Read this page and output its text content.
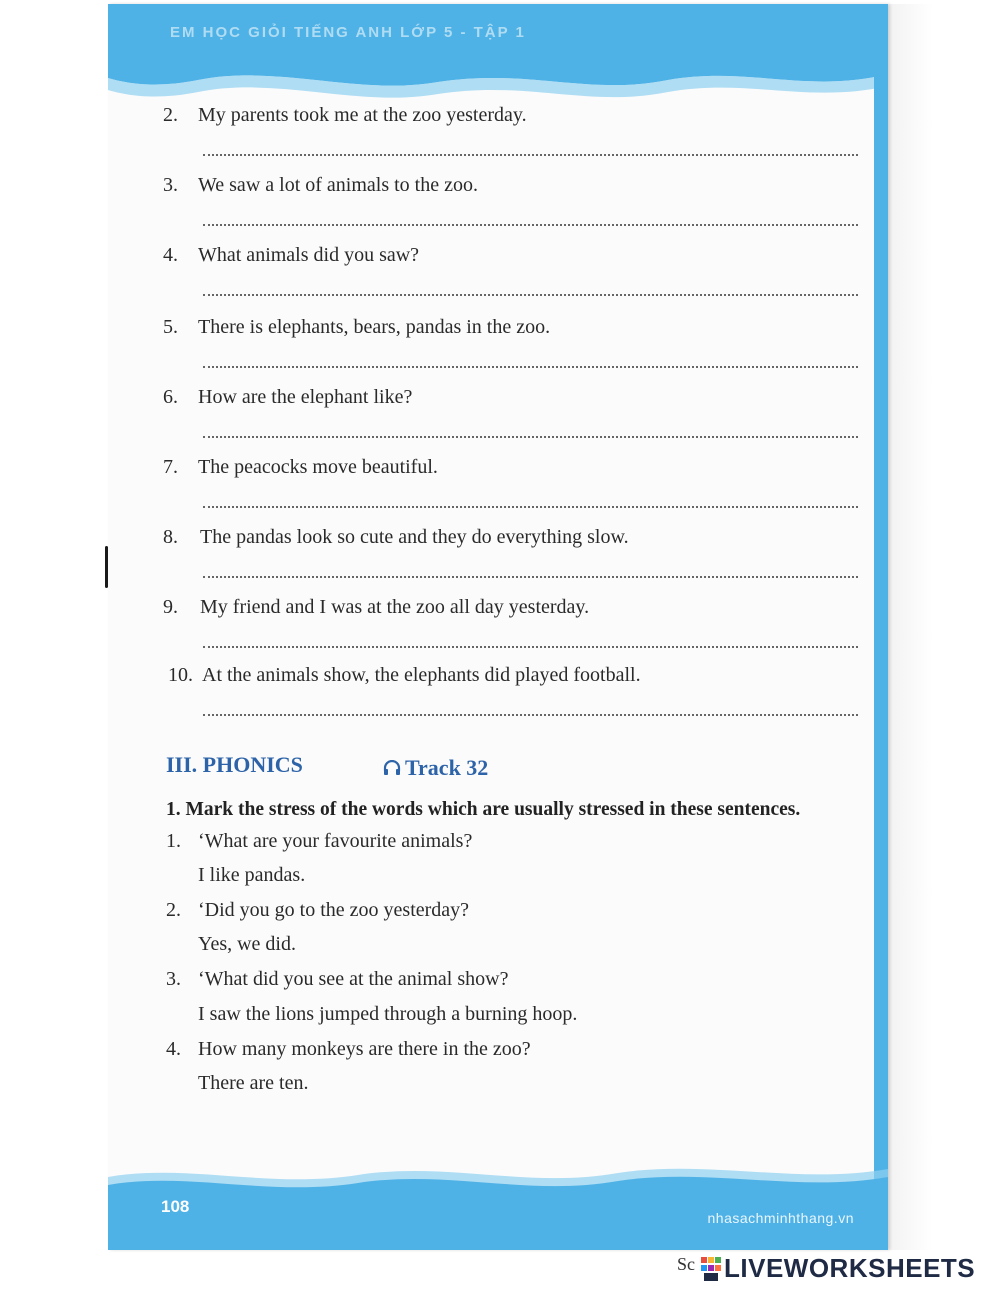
EM HỌC GIỎI TIẾNG ANH LỚP 5 - TẬP 1
2. My parents took me at the zoo yesterday.
3. We saw a lot of animals to the zoo.
4. What animals did you saw?
5. There is elephants, bears, pandas in the zoo.
6. How are the elephant like?
7. The peacocks move beautiful.
8. The pandas look so cute and they do everything slow.
9. My friend and I was at the zoo all day yesterday.
10. At the animals show, the elephants did played football.
III. PHONICS	Track 32
1. Mark the stress of the words which are usually stressed in these sentences.
1. ‘What are your favourite animals?
I like pandas.
2. ‘Did you go to the zoo yesterday?
Yes, we did.
3. ‘What did you see at the animal show?
I saw the lions jumped through a burning hoop.
4. How many monkeys are there in the zoo?
There are ten.
108
nhasachminhthang.vn
Sc LIVEWORKSHEETS
